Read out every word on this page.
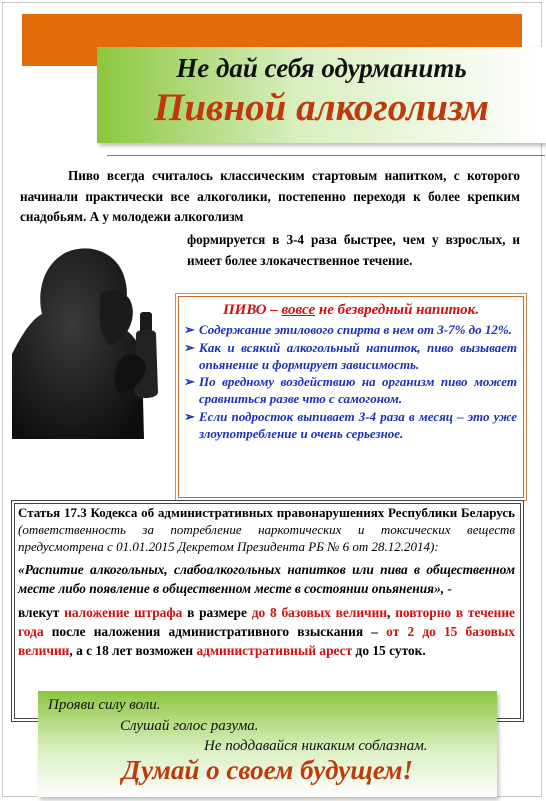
Не дай себя одурманить
Пивной алкоголизм
Пиво всегда считалось классическим стартовым напитком, с которого начинали практически все алкоголики, постепенно переходя к более крепким снадобьям. А у молодежи алкоголизм
формируется в 3-4 раза быстрее, чем у взрослых, и имеет более злокачественное течение.
ПИВО – вовсе не безвредный напиток.
➢ Содержание этилового спирта в нем от 3-7% до 12%.
➢ Как и всякий алкогольный напиток, пиво вызывает опьянение и формирует зависимость.
➢ По вредному воздействию на организм пиво может сравниться разве что с самогоном.
➢ Если подросток выпивает 3-4 раза в месяц – это уже злоупотребление и очень серьезное.
Статья 17.3 Кодекса об административных правонарушениях Республики Беларусь (ответственность за потребление наркотических и токсических веществ предусмотрена с 01.01.2015 Декретом Президента РБ № 6 от 28.12.2014):
«Распитие алкогольных, слабоалкогольных напитков или пива в общественном месте либо появление в общественном месте в состоянии опьянения», -
влекут наложение штрафа в размере до 8 базовых величин, повторно в течение года после наложения административного взыскания – от 2 до 15 базовых величин, а с 18 лет возможен административный арест до 15 суток.
Прояви силу воли.
Слушай голос разума.
Не поддавайся никаким соблазнам.
Думай о своем будущем!
